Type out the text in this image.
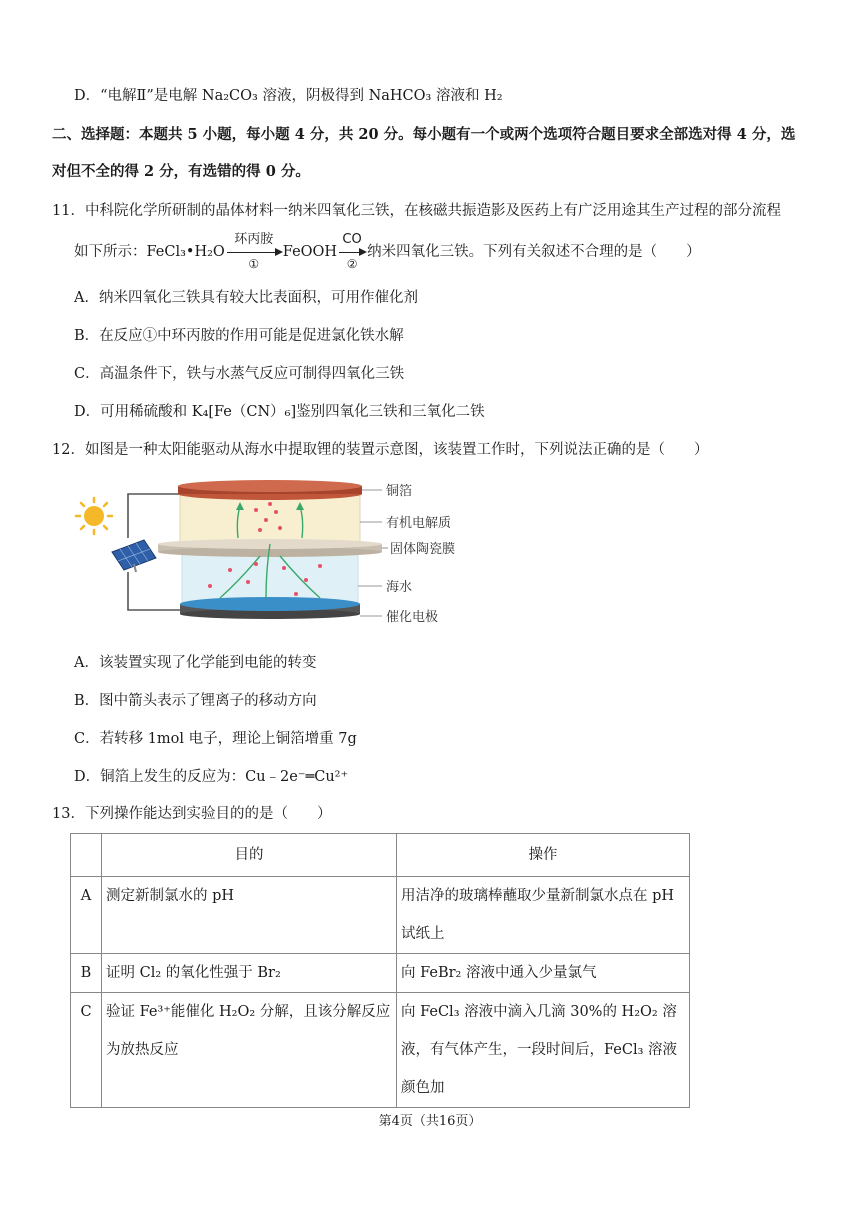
D．“电解Ⅱ”是电解 Na₂CO₃ 溶液，阴极得到 NaHCO₃ 溶液和 H₂
二、选择题：本题共 5 小题，每小题 4 分，共 20 分。每小题有一个或两个选项符合题目要求全部选对得 4 分，选
对但不全的得 2 分，有选错的得 0 分。
11．中科院化学所研制的晶体材料一纳米四氧化三铁，在核磁共振造影及医药上有广泛用途其生产过程的部分流程
如下所示：FeCl₃•H₂O
环丙胺
①
FeOOH
CO
②
纳米四氧化三铁。下列有关叙述不合理的是（　　）
A．纳米四氧化三铁具有较大比表面积，可用作催化剂
B．在反应①中环丙胺的作用可能是促进氯化铁水解
C．高温条件下，铁与水蒸气反应可制得四氧化三铁
D．可用稀硫酸和 K₄[Fe（CN）₆]鉴别四氧化三铁和三氧化二铁
12．如图是一种太阳能驱动从海水中提取锂的装置示意图，该装置工作时，下列说法正确的是（　　）
铜箔
有机电解质
固体陶瓷膜
海水
催化电极
A．该装置实现了化学能到电能的转变
B．图中箭头表示了锂离子的移动方向
C．若转移 1mol 电子，理论上铜箔增重 7g
D．铜箔上发生的反应为：Cu﹣2e⁻═Cu²⁺
13．下列操作能达到实验目的的是（　　）
	目的	操作
A	测定新制氯水的 pH	用洁净的玻璃棒蘸取少量新制氯水点在 pH 试纸上
B	证明 Cl₂ 的氧化性强于 Br₂	向 FeBr₂ 溶液中通入少量氯气
C	验证 Fe³⁺能催化 H₂O₂ 分解，且该分解反应为放热反应	向 FeCl₃ 溶液中滴入几滴 30%的 H₂O₂ 溶液，有气体产生，一段时间后，FeCl₃ 溶液颜色加
第4页（共16页）
